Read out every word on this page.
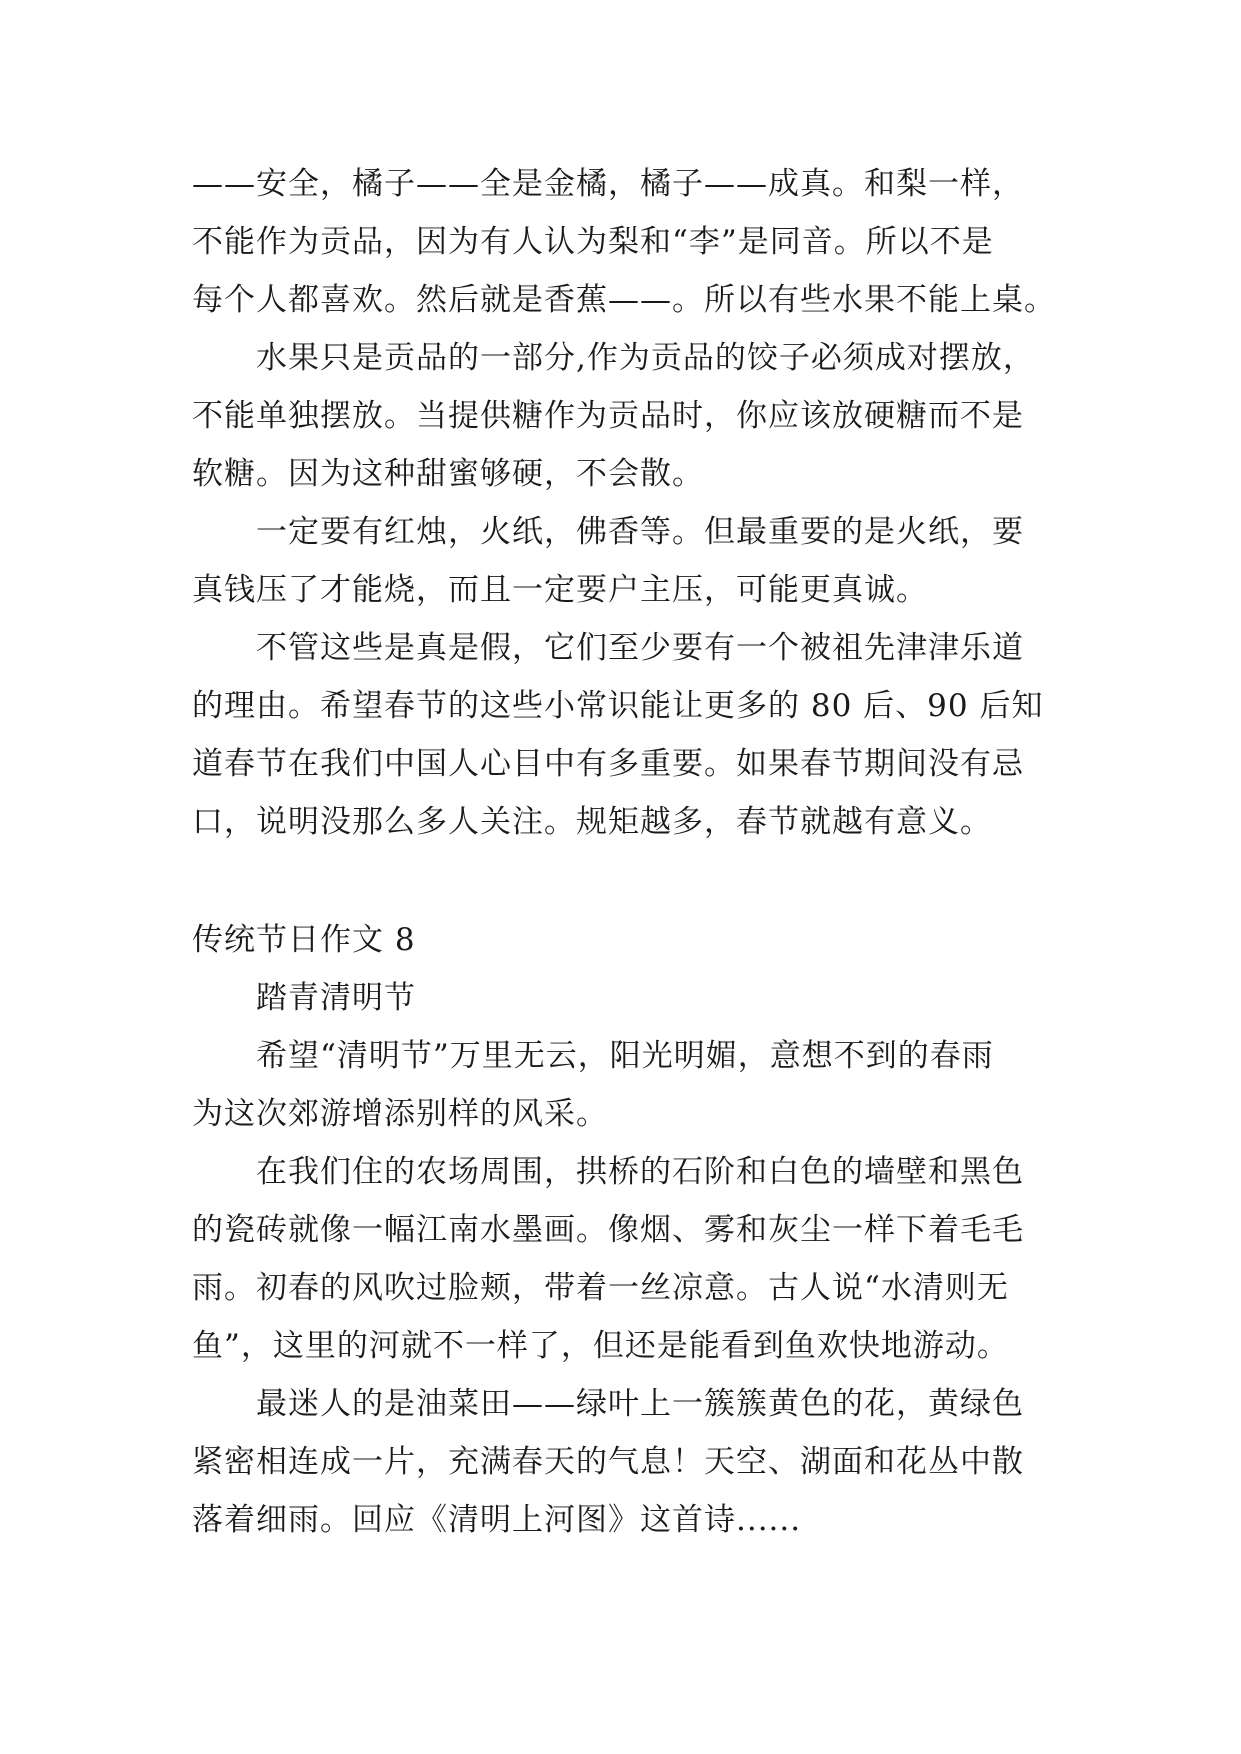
——安全，橘子——全是金橘，橘子——成真。和梨一样，
不能作为贡品，因为有人认为梨和“李”是同音。所以不是
每个人都喜欢。然后就是香蕉——。所以有些水果不能上桌。
水果只是贡品的一部分,作为贡品的饺子必须成对摆放，
不能单独摆放。当提供糖作为贡品时，你应该放硬糖而不是
软糖。因为这种甜蜜够硬，不会散。
一定要有红烛，火纸，佛香等。但最重要的是火纸，要
真钱压了才能烧，而且一定要户主压，可能更真诚。
不管这些是真是假，它们至少要有一个被祖先津津乐道
的理由。希望春节的这些小常识能让更多的 80 后、90 后知
道春节在我们中国人心目中有多重要。如果春节期间没有忌
口，说明没那么多人关注。规矩越多，春节就越有意义。
传统节日作文 8
踏青清明节
希望“清明节”万里无云，阳光明媚，意想不到的春雨
为这次郊游增添别样的风采。
在我们住的农场周围，拱桥的石阶和白色的墙壁和黑色
的瓷砖就像一幅江南水墨画。像烟、雾和灰尘一样下着毛毛
雨。初春的风吹过脸颊，带着一丝凉意。古人说“水清则无
鱼”，这里的河就不一样了，但还是能看到鱼欢快地游动。
最迷人的是油菜田——绿叶上一簇簇黄色的花，黄绿色
紧密相连成一片，充满春天的气息！天空、湖面和花丛中散
落着细雨。回应《清明上河图》这首诗......
